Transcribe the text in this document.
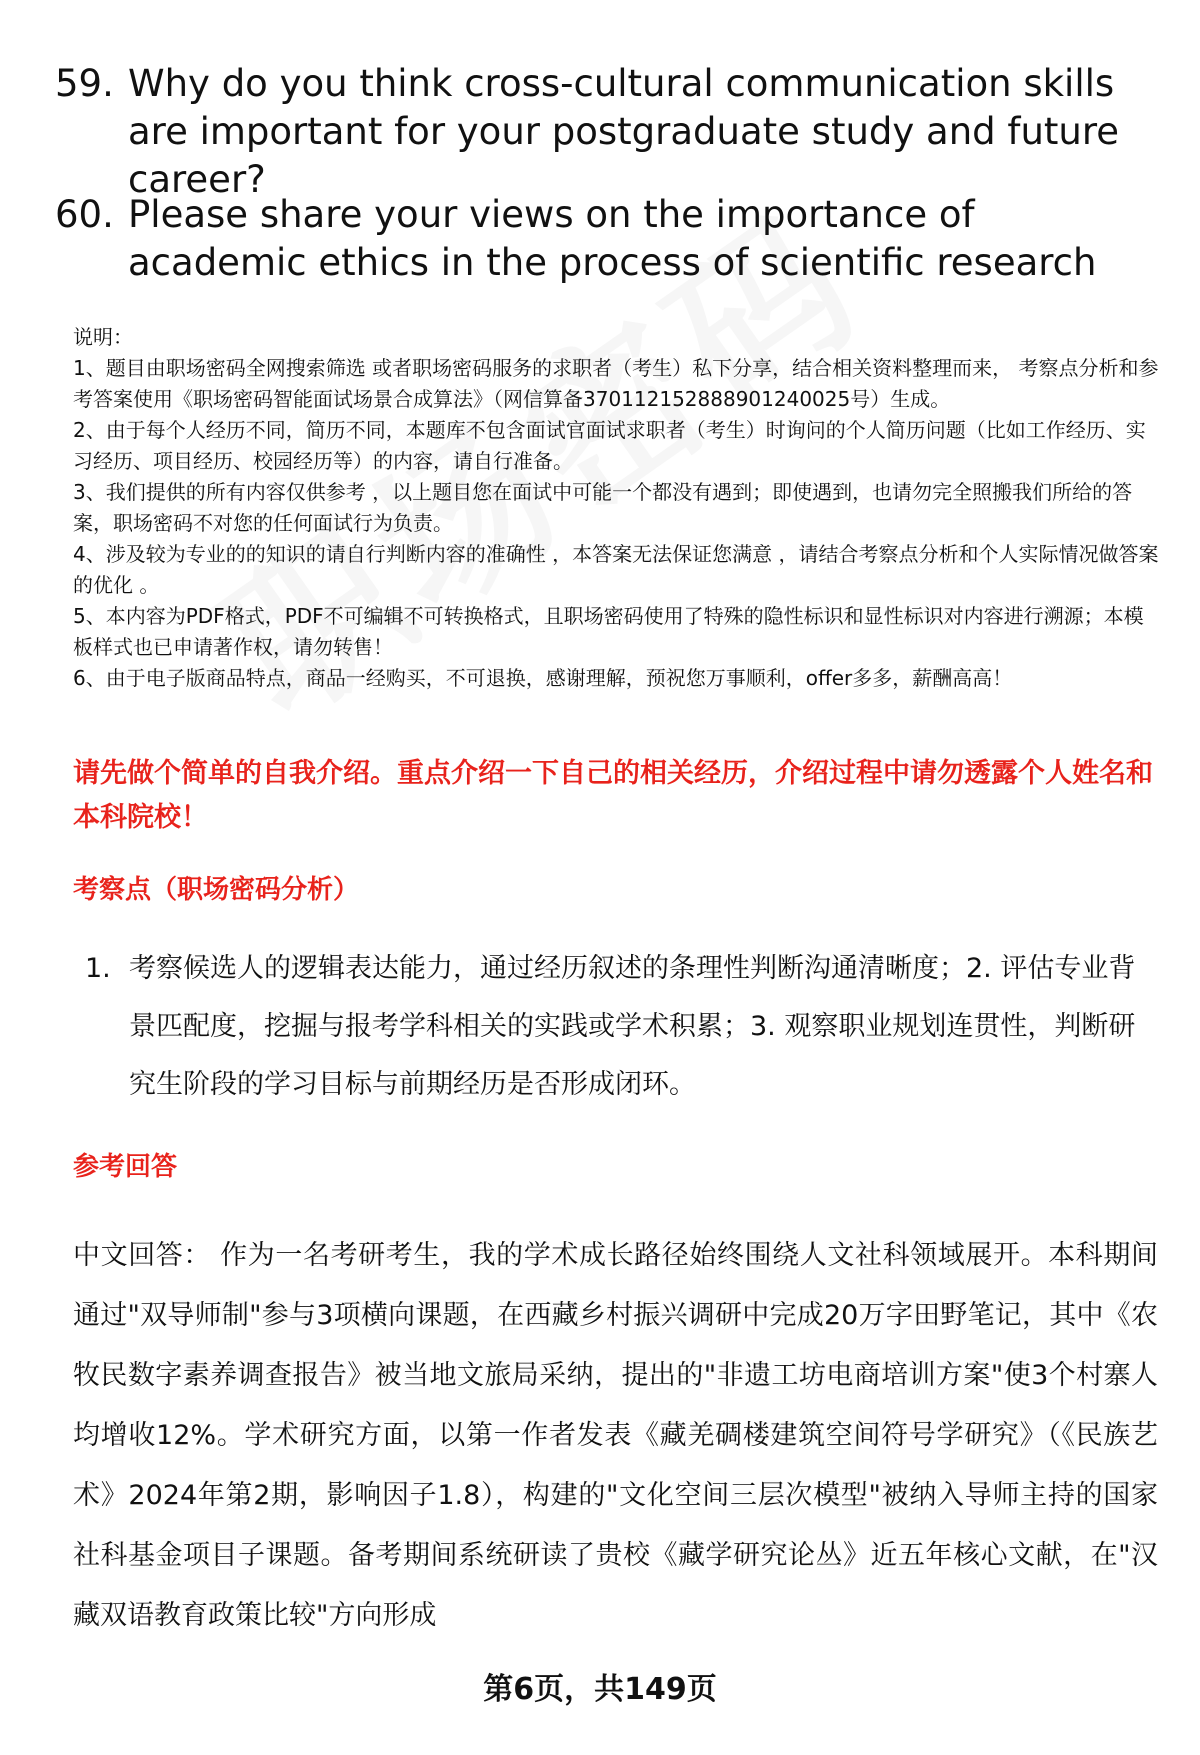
59. Why do you think cross-cultural communication skills are important for your postgraduate study and future career?
60. Please share your views on the importance of academic ethics in the process of scientific research

说明：

1、题目由职场密码全网搜索筛选 或者职场密码服务的求职者（考生）私下分享，结合相关资料整理而来， 考察点分析和参考答案使用《职场密码智能面试场景合成算法》（网信算备370112152888901240025号）生成。

2、由于每个人经历不同，简历不同，本题库不包含面试官面试求职者（考生）时询问的个人简历问题（比如工作经历、实习经历、项目经历、校园经历等）的内容，请自行准备。

3、我们提供的所有内容仅供参考 ，以上题目您在面试中可能一个都没有遇到；即使遇到，也请勿完全照搬我们所给的答案，职场密码不对您的任何面试行为负责。

4、涉及较为专业的的知识的请自行判断内容的准确性 ，本答案无法保证您满意 ，请结合考察点分析和个人实际情况做答案的优化 。

5、本内容为PDF格式，PDF不可编辑不可转换格式，且职场密码使用了特殊的隐性标识和显性标识对内容进行溯源；本模板样式也已申请著作权，请勿转售！

6、由于电子版商品特点，商品一经购买，不可退换，感谢理解，预祝您万事顺利，offer多多，薪酬高高！

请先做个简单的自我介绍。重点介绍一下自己的相关经历，介绍过程中请勿透露个人姓名和本科院校！
考察点（职场密码分析）
1. 考察候选人的逻辑表达能力，通过经历叙述的条理性判断沟通清晰度；2. 评估专业背景匹配度，挖掘与报考学科相关的实践或学术积累；3. 观察职业规划连贯性，判断研究生阶段的学习目标与前期经历是否形成闭环。
参考回答
中文回答： 作为一名考研考生，我的学术成长路径始终围绕人文社科领域展开。本科期间通过"双导师制"参与3项横向课题，在西藏乡村振兴调研中完成20万字田野笔记，其中《农牧民数字素养调查报告》被当地文旅局采纳，提出的"非遗工坊电商培训方案"使3个村寨人均增收12%。学术研究方面，以第一作者发表《藏羌碉楼建筑空间符号学研究》（《民族艺术》2024年第2期，影响因子1.8），构建的"文化空间三层次模型"被纳入导师主持的国家社科基金项目子课题。备考期间系统研读了贵校《藏学研究论丛》近五年核心文献，在"汉藏双语教育政策比较"方向形成
第6页，共149页
